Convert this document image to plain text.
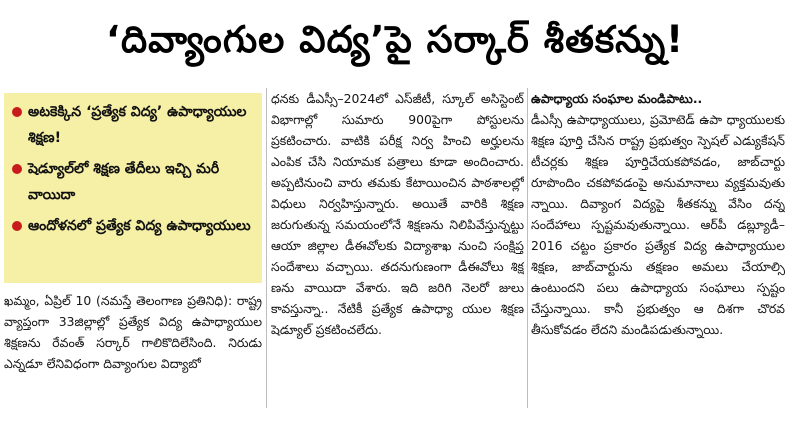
‘దివ్యాంగుల విద్య’పై సర్కార్ శీతకన్ను!
అటకెక్కిన ‘ప్రత్యేక విద్య’ ఉపాధ్యాయుల శిక్షణ!
షెడ్యూల్‌లో శిక్షణ తేదీలు ఇచ్చి మరీ వాయిదా
ఆందోళనలో ప్రత్యేక విద్య ఉపాధ్యాయులు

ఖమ్మం, ఏప్రిల్ 10 (నమస్తే తెలంగాణ ప్రతినిధి): రాష్ట్ర వ్యాప్తంగా 33జిల్లాల్లో ప్రత్యేక విద్య ఉపాధ్యాయుల శిక్షణను రేవంత్ సర్కార్ గాలికొదిలేసింది. నిరుడు ఎన్నడూ లేనివిధంగా దివ్యాంగుల విద్యాబో

ధనకు డీఎస్సీ–2024లో ఎస్‌జీటీ, స్కూల్ అసిస్టెంట్ విభాగాల్లో సుమారు 900పైగా పోస్టులను ప్రకటించారు. వాటికి పరీక్ష నిర్వ హించి అర్హులను ఎంపిక చేసి నియామక పత్రాలు కూడా అందించారు. అప్పటినుంచి వారు తమకు కేటాయించిన పాఠశాలల్లో విధులు నిర్వహిస్తున్నారు. అయితే వారికి శిక్షణ జరుగుతున్న సమయంలోనే శిక్షణను నిలిపివేస్తున్నట్టు ఆయా జిల్లాల డీఈవోలకు విద్యాశాఖ నుంచి సంక్షిప్త సందేశాలు వచ్చాయి. తదనుగుణంగా డీఈవోలు శిక్ష ణను వాయిదా వేశారు. ఇది జరిగి నెలరో జులు కావస్తున్నా.. నేటికీ ప్రత్యేక ఉపాధ్యా యుల శిక్షణ షెడ్యూల్ ప్రకటించలేదు.

ఉపాధ్యాయ సంఘాల మండిపాటు..

డీఎస్సీ ఉపాధ్యాయులు, ప్రమోటెడ్ ఉపా ధ్యాయులకు శిక్షణ పూర్తి చేసిన రాష్ట్ర ప్రభుత్వం స్పెషల్ ఎడ్యుకేషన్ టీచర్లకు శిక్షణ పూర్తిచేయకపోవడం, జాబ్‌చార్టు రూపొందిం చకపోవడంపై అనుమానాలు వ్యక్తమవుతు న్నాయి. దివ్యాంగ విద్యపై శీతకన్ను వేసిం దన్న సందేహాలు స్పష్టమవుతున్నాయి. ఆర్‌పీ డబ్ల్యూడీ–2016 చట్టం ప్రకారం ప్రత్యేక విద్య ఉపాధ్యాయుల శిక్షణ, జాబ్‌చార్టును తక్షణం అమలు చేయాల్సి ఉంటుందని పలు ఉపాధ్యాయ సంఘాలు స్పష్టం చేస్తున్నాయి. కానీ ప్రభుత్వం ఆ దిశగా చొరవ తీసుకోవడం లేదని మండిపడుతున్నాయి.
